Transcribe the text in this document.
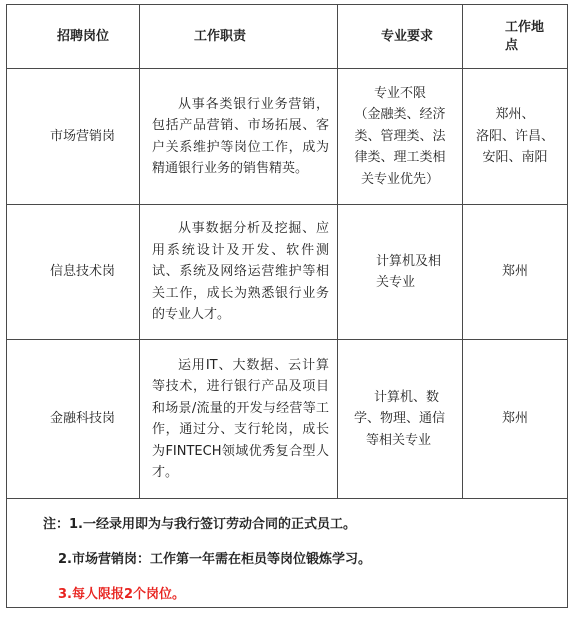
招聘岗位	工作职责	专业要求	工作地
点

市场营销岗	从事各类银行业务营销，包括产品营销、市场拓展、客户关系维护等岗位工作，成为精通银行业务的销售精英。	专业不限
（金融类、经济
类、管理类、法
律类、理工类相
关专业优先）	郑州、
洛阳、许昌、
安阳、南阳

信息技术岗	从事数据分析及挖掘、应用系统设计及开发、软件测试、系统及网络运营维护等相关工作，成长为熟悉银行业务的专业人才。	计算机及相
关专业	郑州

金融科技岗	运用IT、大数据、云计算等技术，进行银行产品及项目和场景/流量的开发与经营等工作，通过分、支行轮岗，成长为FINTECH领域优秀复合型人才。	计算机、数
学、物理、通信
等相关专业	郑州

注：1.一经录用即为与我行签订劳动合同的正式员工。
2.市场营销岗：工作第一年需在柜员等岗位锻炼学习。
3.每人限报2个岗位。			
